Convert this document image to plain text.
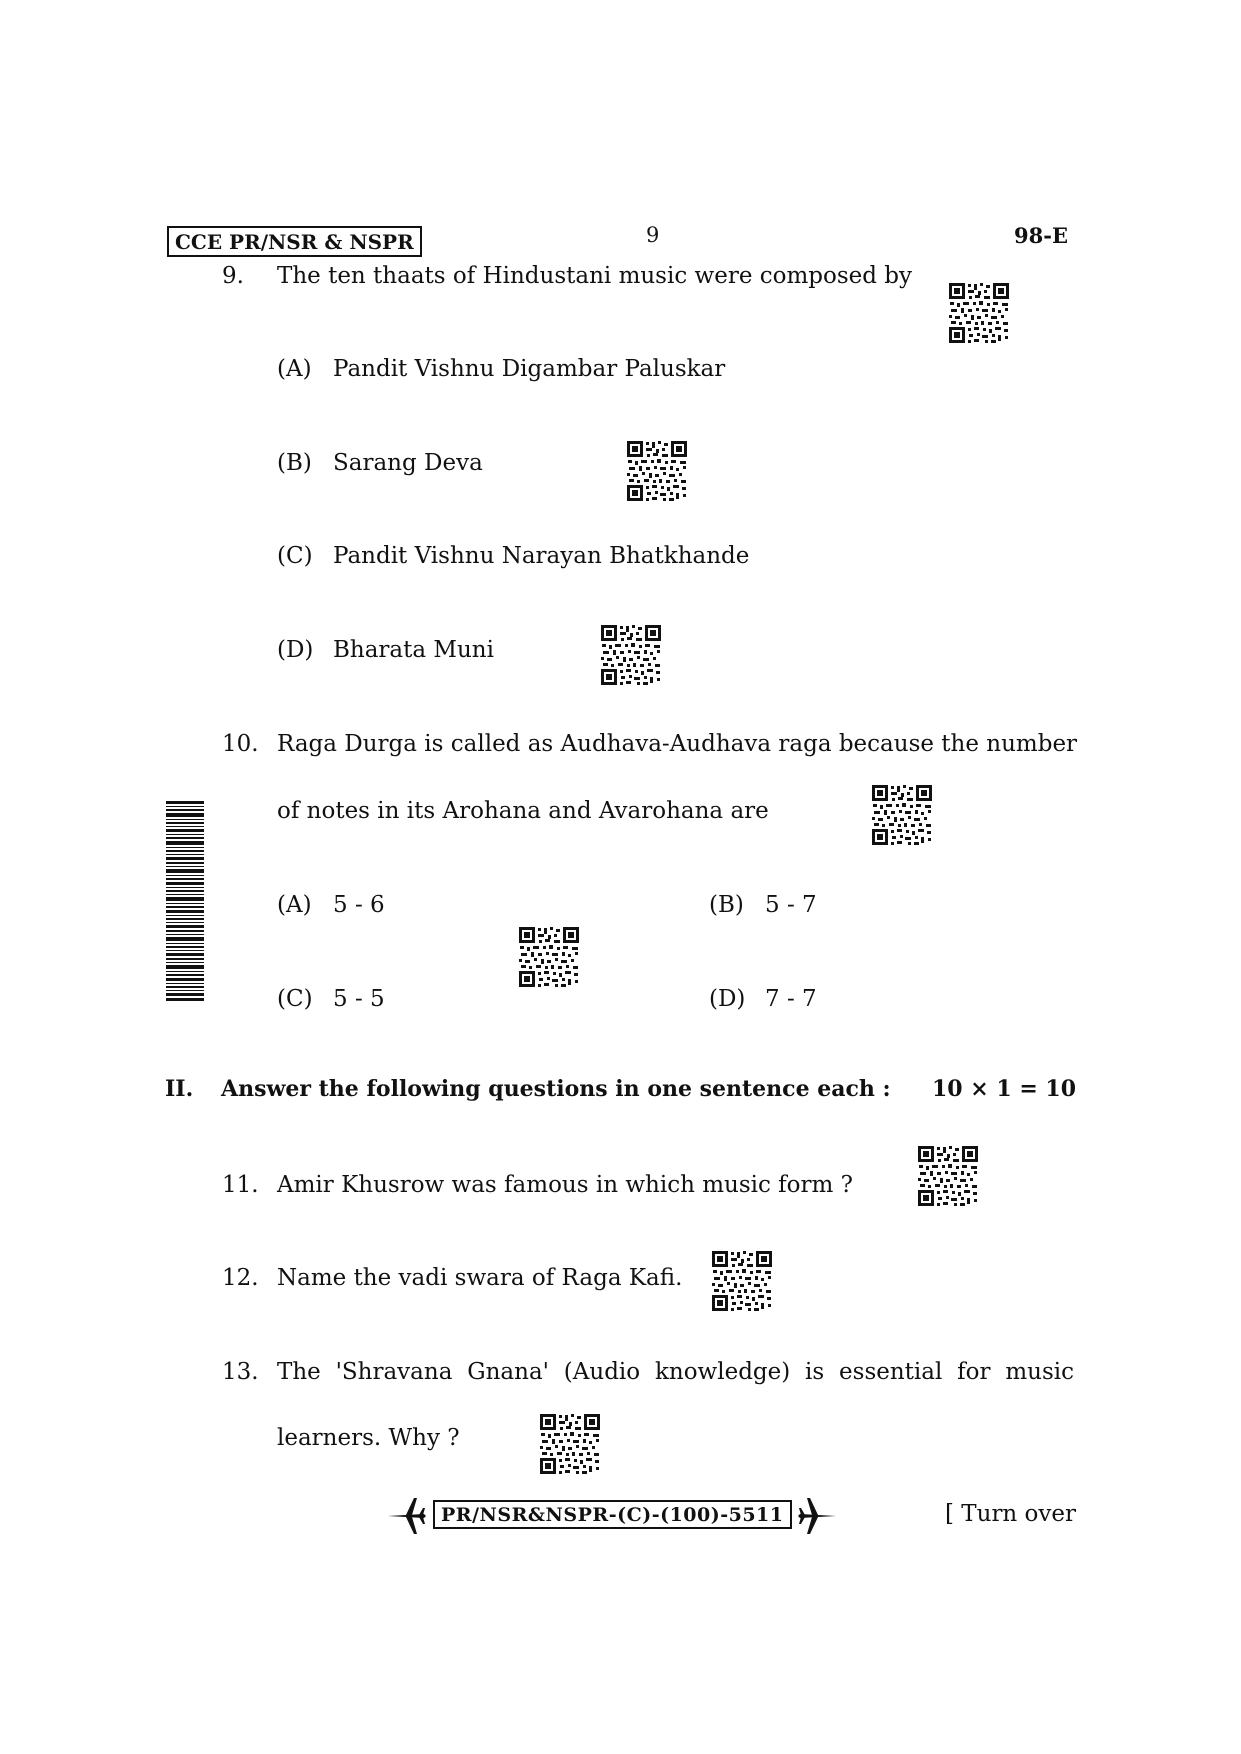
CCE PR/NSR & NSPR	9	98-E
9. The ten thaats of Hindustani music were composed by
(A) Pandit Vishnu Digambar Paluskar
(B) Sarang Deva
(C) Pandit Vishnu Narayan Bhatkhande
(D) Bharata Muni
10. Raga Durga is called as Audhava-Audhava raga because the number
of notes in its Arohana and Avarohana are
(A) 5 - 6	(B) 5 - 7
(C) 5 - 5	(D) 7 - 7
II. Answer the following questions in one sentence each : 10 × 1 = 10
11. Amir Khusrow was famous in which music form ?
12. Name the vadi swara of Raga Kafi.
13. The 'Shravana Gnana' (Audio knowledge) is essential for music
learners. Why ?
PR/NSR&NSPR-(C)-(100)-5511	[ Turn over
